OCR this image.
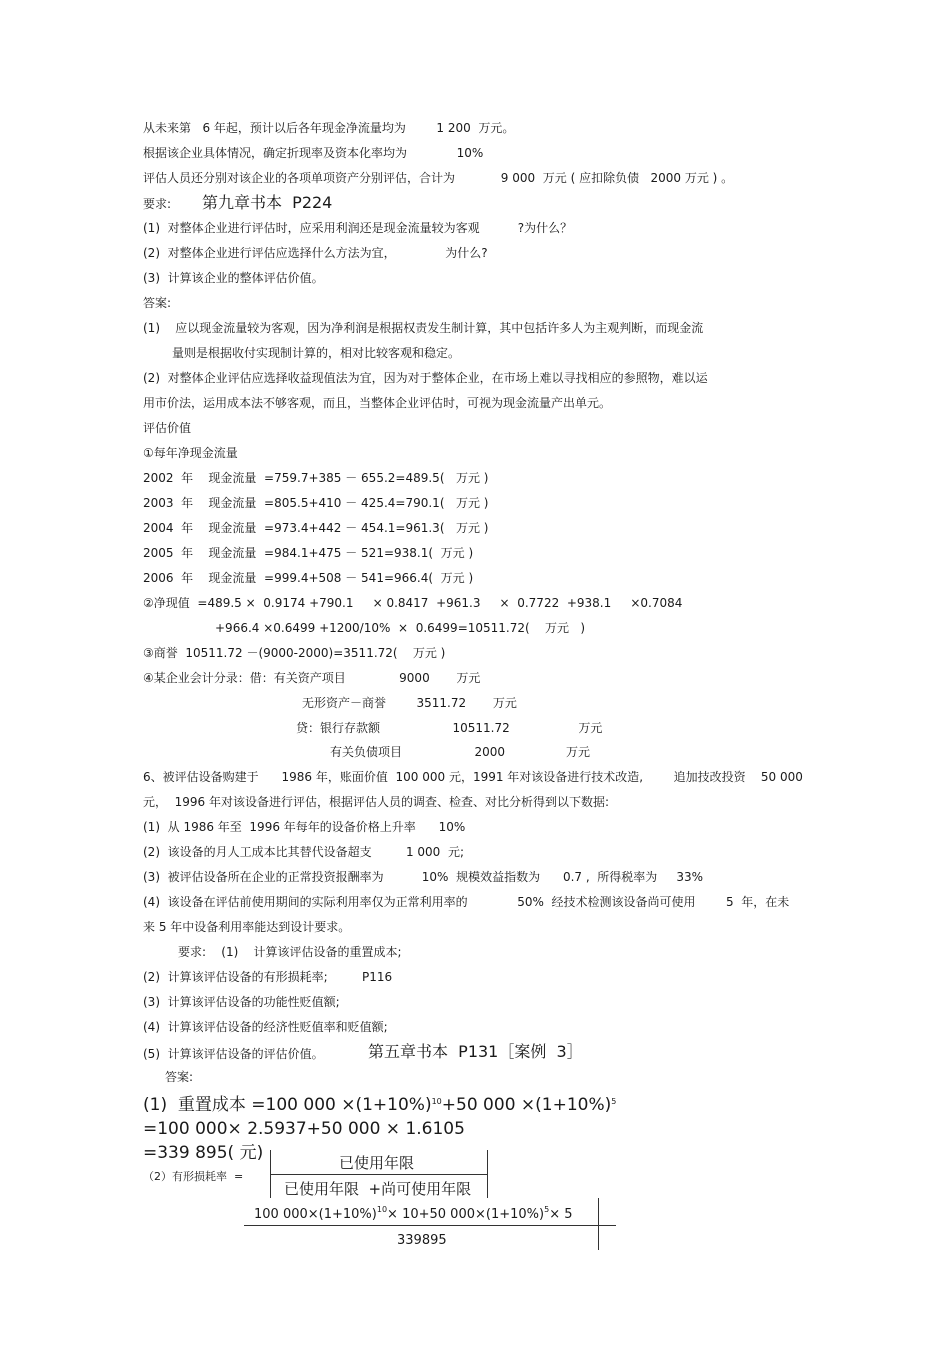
从未来第   6 年起，预计以后各年现金净流量均为        1 200  万元。
根据该企业具体情况，确定折现率及资本化率均为             10%
评估人员还分别对该企业的各项单项资产分别评估，合计为            9 000  万元 ( 应扣除负债   2000 万元 ) 。
要求: 第九章书本  P224
(1)  对整体企业进行评估时，应采用利润还是现金流量较为客观          ?为什么？
(2)  对整体企业进行评估应选择什么方法为宜，             为什么?
(3)  计算该企业的整体评估价值。
答案:
(1)    应以现金流量较为客观，因为净利润是根据权责发生制计算，其中包括许多人为主观判断，而现金流
量则是根据收付实现制计算的，相对比较客观和稳定。
(2)  对整体企业评估应选择收益现值法为宜，因为对于整体企业，在市场上难以寻找相应的参照物，难以运
用市价法，运用成本法不够客观，而且，当整体企业评估时，可视为现金流量产出单元。
评估价值
①每年净现金流量
2002  年    现金流量  =759.7+385 － 655.2=489.5(   万元 )
2003  年    现金流量  =805.5+410 － 425.4=790.1(   万元 )
2004  年    现金流量  =973.4+442 － 454.1=961.3(   万元 )
2005  年    现金流量  =984.1+475 － 521=938.1(  万元 )
2006  年    现金流量  =999.4+508 － 541=966.4(  万元 )
②净现值  =489.5 ×  0.9174 +790.1     × 0.8417  +961.3     ×  0.7722  +938.1     ×0.7084
+966.4 ×0.6499 +1200/10%  ×  0.6499=10511.72(    万元   )
③商誉  10511.72 －(9000-2000)=3511.72(    万元 )
④某企业会计分录：借：有关资产项目              9000       万元
无形资产－商誉        3511.72       万元
贷：银行存款额                   10511.72                  万元
有关负债项目                   2000                万元
6、被评估设备购建于      1986 年，账面价值  100 000 元，1991 年对该设备进行技术改造,        追加技改投资    50 000
元，  1996 年对该设备进行评估，根据评估人员的调查、检查、对比分析得到以下数据:
(1)  从 1986 年至  1996 年每年的设备价格上升率      10%
(2)  该设备的月人工成本比其替代设备超支         1 000  元;
(3)  被评估设备所在企业的正常投资报酬率为          10%  规模效益指数为      0.7 ,  所得税率为     33%
(4)  该设备在评估前使用期间的实际利用率仅为正常利用率的             50%  经技术检测该设备尚可使用        5  年，在未
来 5 年中设备利用率能达到设计要求。
要求:    (1)    计算该评估设备的重置成本;
(2)  计算该评估设备的有形损耗率;         P116
(3)  计算该评估设备的功能性贬值额;
(4)  计算该评估设备的经济性贬值率和贬值额;
(5)  计算该评估设备的评估价值。	第五章书本  P131［案例  3］
答案:
(1)  重置成本 =100 $000 \times(1+10\%)^{10}+50$ $000 \times(1+10\%)^5$
=100 000× 2.5937+50 000 × 1.6105
=339 895( 元)
（2）有形损耗率  =
已使用年限
已使用年限  +尚可使用年限
100 $000\times(1+10\%)^{10}\times 10+50$ $000\times(1+10\%)^5\times 5$
339895
